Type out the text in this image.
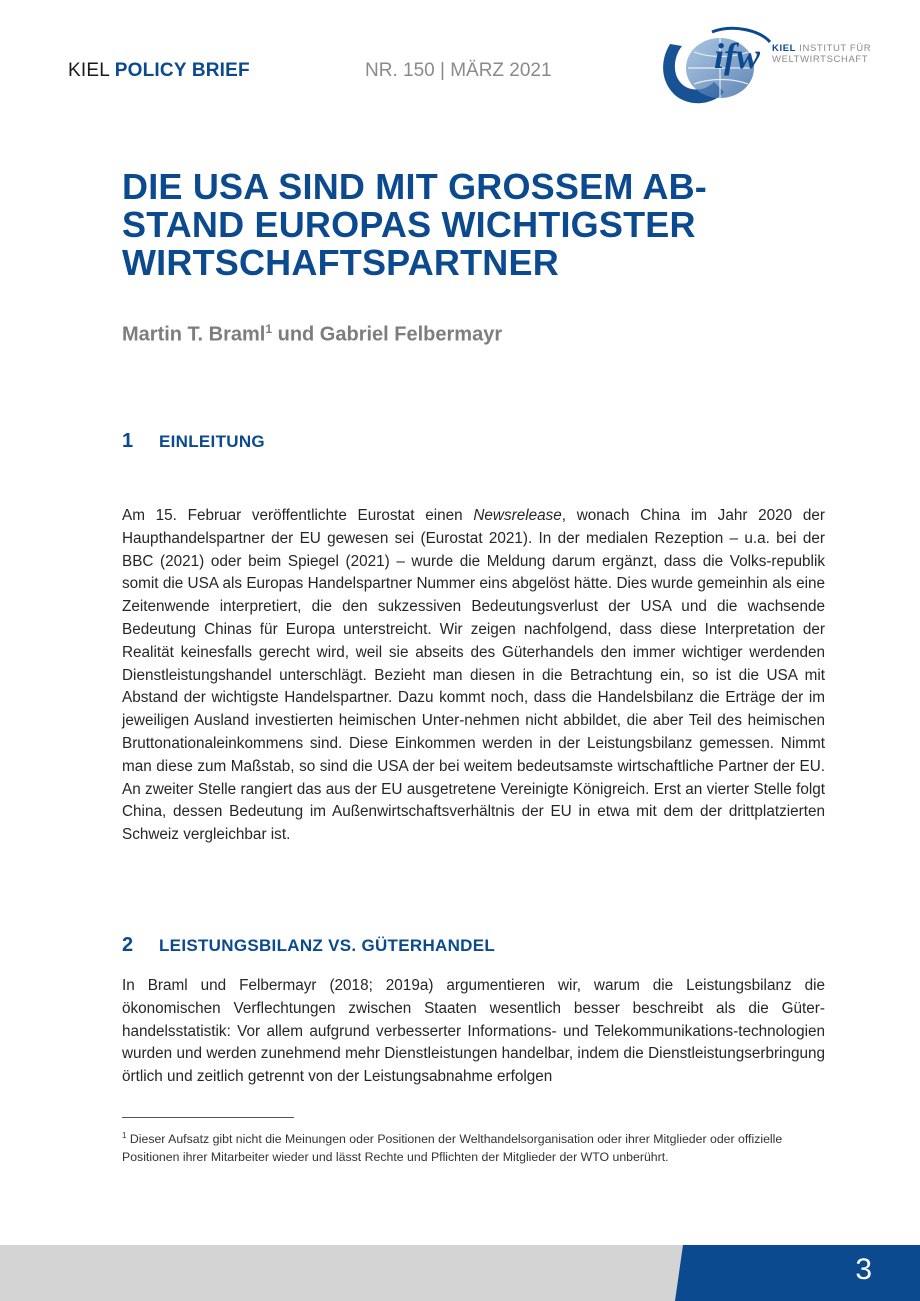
KIEL POLICY BRIEF	NR. 150 | MÄRZ 2021	ifw KIEL INSTITUT FÜR
WELTWIRTSCHAFT
DIE USA SIND MIT GROSSEM AB-STAND EUROPAS WICHTIGSTER WIRTSCHAFTSPARTNER
Martin T. Braml$^1$ und Gabriel Felbermayr
1 EINLEITUNG

Am 15. Februar veröffentlichte Eurostat einen Newsrelease, wonach China im Jahr 2020 der Haupthandelspartner der EU gewesen sei (Eurostat 2021). In der medialen Rezeption – u.a. bei der BBC (2021) oder beim Spiegel (2021) – wurde die Meldung darum ergänzt, dass die Volks-republik somit die USA als Europas Handelspartner Nummer eins abgelöst hätte. Dies wurde gemeinhin als eine Zeitenwende interpretiert, die den sukzessiven Bedeutungsverlust der USA und die wachsende Bedeutung Chinas für Europa unterstreicht. Wir zeigen nachfolgend, dass diese Interpretation der Realität keinesfalls gerecht wird, weil sie abseits des Güterhandels den immer wichtiger werdenden Dienstleistungshandel unterschlägt. Bezieht man diesen in die Betrachtung ein, so ist die USA mit Abstand der wichtigste Handelspartner. Dazu kommt noch, dass die Handelsbilanz die Erträge der im jeweiligen Ausland investierten heimischen Unter-nehmen nicht abbildet, die aber Teil des heimischen Bruttonationaleinkommens sind. Diese Einkommen werden in der Leistungsbilanz gemessen. Nimmt man diese zum Maßstab, so sind die USA der bei weitem bedeutsamste wirtschaftliche Partner der EU. An zweiter Stelle rangiert das aus der EU ausgetretene Vereinigte Königreich. Erst an vierter Stelle folgt China, dessen Bedeutung im Außenwirtschaftsverhältnis der EU in etwa mit dem der drittplatzierten Schweiz vergleichbar ist.

2 LEISTUNGSBILANZ VS. GÜTERHANDEL

In Braml und Felbermayr (2018; 2019a) argumentieren wir, warum die Leistungsbilanz die ökonomischen Verflechtungen zwischen Staaten wesentlich besser beschreibt als die Güter-handelsstatistik: Vor allem aufgrund verbesserter Informations- und Telekommunikations-technologien wurden und werden zunehmend mehr Dienstleistungen handelbar, indem die Dienstleistungserbringung örtlich und zeitlich getrennt von der Leistungsabnahme erfolgen

$^1$ Dieser Aufsatz gibt nicht die Meinungen oder Positionen der Welthandelsorganisation oder ihrer Mitglieder oder offizielle Positionen ihrer Mitarbeiter wieder und lässt Rechte und Pflichten der Mitglieder der WTO unberührt.

3
